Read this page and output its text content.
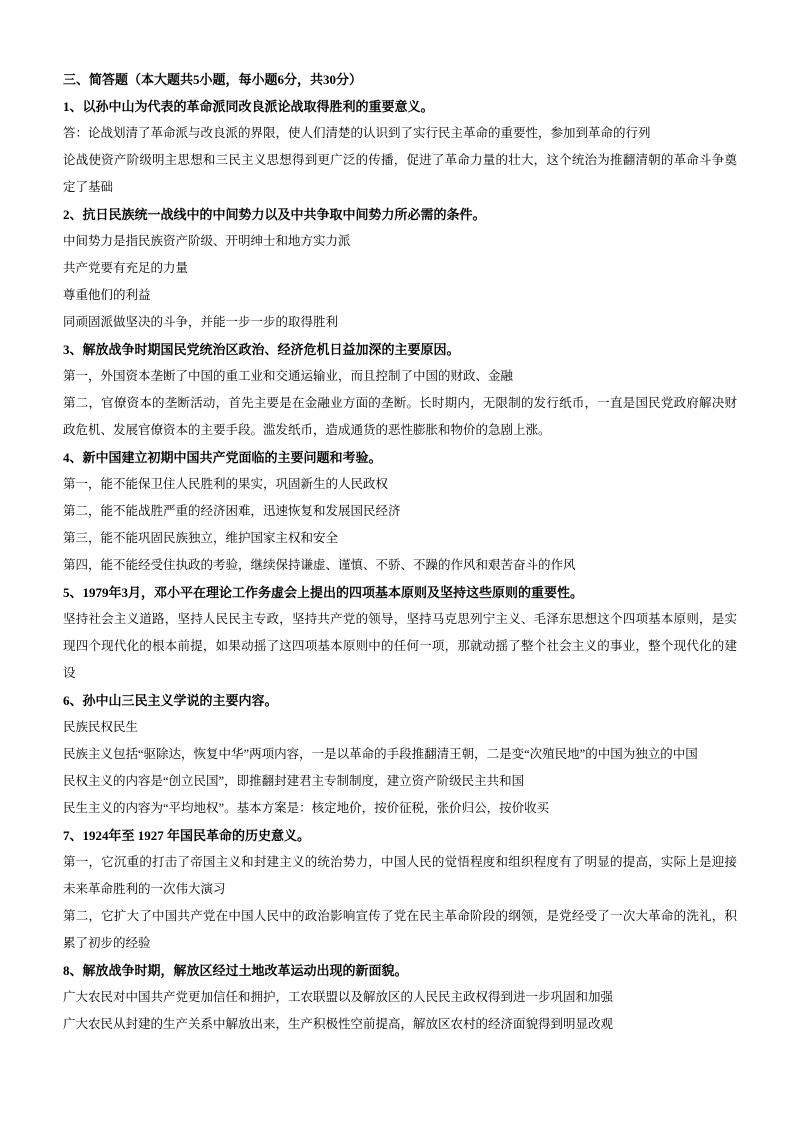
三、简答题（本大题共5小题，每小题6分，共30分）
1、以孙中山为代表的革命派同改良派论战取得胜利的重要意义。

答：论战划清了革命派与改良派的界限，使人们清楚的认识到了实行民主革命的重要性，参加到革命的行列

论战使资产阶级明主思想和三民主义思想得到更广泛的传播，促进了革命力量的壮大，这个统治为推翻清朝的革命斗争奠定了基础

2、抗日民族统一战线中的中间势力以及中共争取中间势力所必需的条件。

中间势力是指民族资产阶级、开明绅士和地方实力派

共产党要有充足的力量

尊重他们的利益

同顽固派做坚决的斗争，并能一步一步的取得胜利

3、解放战争时期国民党统治区政治、经济危机日益加深的主要原因。

第一，外国资本垄断了中国的重工业和交通运输业，而且控制了中国的财政、金融

第二，官僚资本的垄断活动，首先主要是在金融业方面的垄断。长时期内，无限制的发行纸币，一直是国民党政府解决财政危机、发展官僚资本的主要手段。滥发纸币，造成通货的恶性膨胀和物价的急剧上涨。

4、新中国建立初期中国共产党面临的主要问题和考验。

第一，能不能保卫住人民胜利的果实，巩固新生的人民政权

第二，能不能战胜严重的经济困难，迅速恢复和发展国民经济

第三，能不能巩固民族独立，维护国家主权和安全

第四，能不能经受住执政的考验，继续保持谦虚、谨慎、不骄、不躁的作风和艰苦奋斗的作风

5、1979年3月，邓小平在理论工作务虚会上提出的四项基本原则及坚持这些原则的重要性。

坚持社会主义道路，坚持人民民主专政，坚持共产党的领导，坚持马克思列宁主义、毛泽东思想这个四项基本原则，是实现四个现代化的根本前提，如果动摇了这四项基本原则中的任何一项，那就动摇了整个社会主义的事业，整个现代化的建设

6、孙中山三民主义学说的主要内容。

民族民权民生

民族主义包括“驱除达，恢复中华”两项内容，一是以革命的手段推翻清王朝，二是变“次殖民地”的中国为独立的中国

民权主义的内容是“创立民国”，即推翻封建君主专制制度，建立资产阶级民主共和国

民生主义的内容为“平均地权”。基本方案是：核定地价，按价征税，张价归公，按价收买

7、1924年至 1927 年国民革命的历史意义。

第一，它沉重的打击了帝国主义和封建主义的统治势力，中国人民的觉悟程度和组织程度有了明显的提高，实际上是迎接未来革命胜利的一次伟大演习

第二，它扩大了中国共产党在中国人民中的政治影响宣传了党在民主革命阶段的纲领，是党经受了一次大革命的洗礼，积累了初步的经验

8、解放战争时期，解放区经过土地改革运动出现的新面貌。

广大农民对中国共产党更加信任和拥护，工农联盟以及解放区的人民民主政权得到进一步巩固和加强

广大农民从封建的生产关系中解放出来，生产积极性空前提高，解放区农村的经济面貌得到明显改观
